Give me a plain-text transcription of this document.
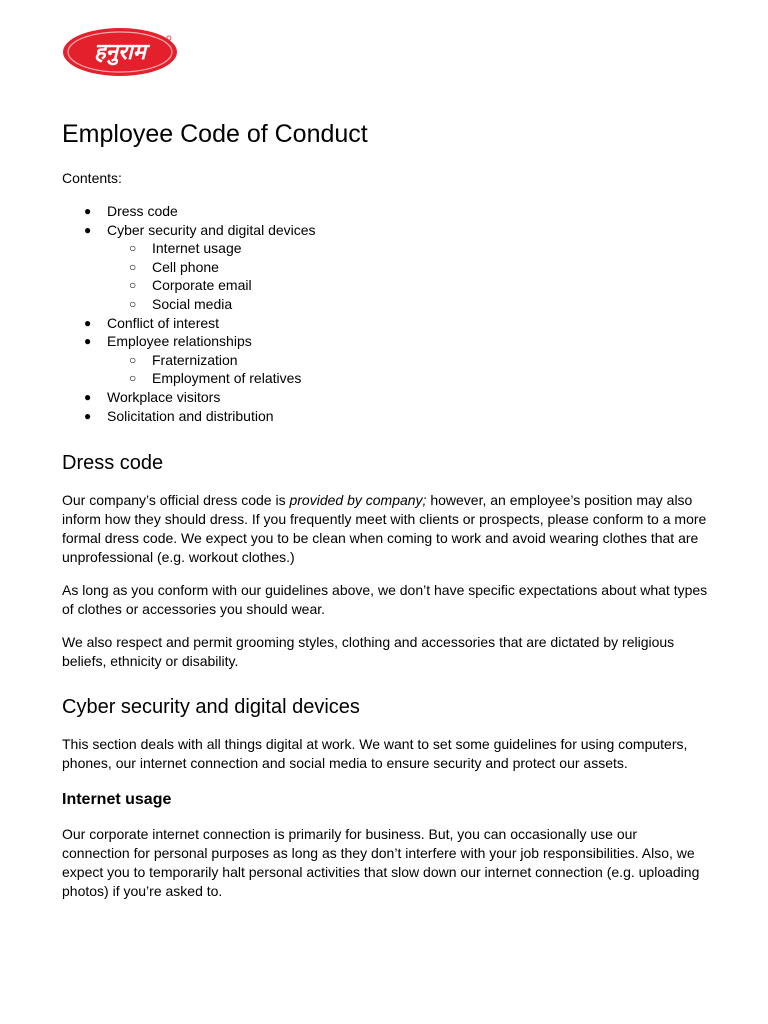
हनुराम
Employee Code of Conduct
Contents:
● Dress code
● Cyber security and digital devices
○ Internet usage
○ Cell phone
○ Corporate email
○ Social media
● Conflict of interest
● Employee relationships
○ Fraternization
○ Employment of relatives
● Workplace visitors
● Solicitation and distribution
Dress code

Our company’s official dress code is provided by company; however, an employee’s position may also inform how they should dress. If you frequently meet with clients or prospects, please conform to a more formal dress code. We expect you to be clean when coming to work and avoid wearing clothes that are unprofessional (e.g. workout clothes.)

As long as you conform with our guidelines above, we don’t have specific expectations about what types of clothes or accessories you should wear.

We also respect and permit grooming styles, clothing and accessories that are dictated by religious beliefs, ethnicity or disability.

Cyber security and digital devices

This section deals with all things digital at work. We want to set some guidelines for using computers, phones, our internet connection and social media to ensure security and protect our assets.

Internet usage

Our corporate internet connection is primarily for business. But, you can occasionally use our connection for personal purposes as long as they don’t interfere with your job responsibilities. Also, we expect you to temporarily halt personal activities that slow down our internet connection (e.g. uploading photos) if you’re asked to.
